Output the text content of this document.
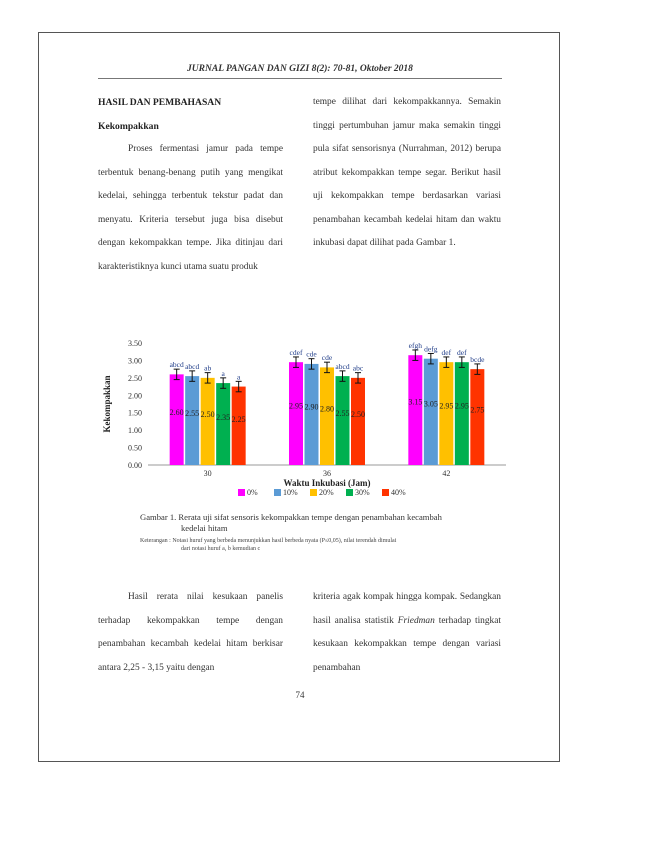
JURNAL PANGAN DAN GIZI 8(2): 70-81, Oktober 2018

HASIL DAN PEMBAHASAN

Kekompakkan

Proses fermentasi jamur pada tempe terbentuk benang-benang putih yang mengikat kedelai, sehingga terbentuk tekstur padat dan menyatu. Kriteria tersebut juga bisa disebut dengan kekompakkan tempe. Jika ditinjau dari karakteristiknya kunci utama suatu produk

tempe dilihat dari kekompakkannya. Semakin tinggi pertumbuhan jamur maka semakin tinggi pula sifat sensorisnya (Nurrahman, 2012) berupa atribut kekompakkan tempe segar. Berikut hasil uji kekompakkan tempe berdasarkan variasi penambahan kecambah kedelai hitam dan waktu inkubasi dapat dilihat pada Gambar 1.

Kekompakkan
0.00
0.50
1.00
1.50
2.00
2.50
3.00
3.50
abcd
2.60
abcd
2.55
ab
2.50
a
2.35
a
2.25
30
cdef
2.95
cde
2.90
cde
2.80
abcd
2.55
abc
2.50
36
efgh
3.15
defg
3.05
def
2.95
def
2.95
bcde
2.75
42
Waktu Inkubasi (Jam)
0%	10%	20%	30%	40%
Gambar 1. Rerata uji sifat sensoris kekompakkan tempe dengan penambahan kecambah
kedelai hitam
Keterangan : Notasi huruf yang berbeda menunjukkan hasil berbeda nyata (P≤0,05), nilai terendah dimulai
dari notasi huruf a, b kemudian c

Hasil rerata nilai kesukaan panelis terhadap kekompakkan tempe dengan penambahan kecambah kedelai hitam berkisar antara 2,25 - 3,15 yaitu dengan

kriteria agak kompak hingga kompak. Sedangkan hasil analisa statistik Friedman terhadap tingkat kesukaan kekompakkan tempe dengan variasi penambahan

74
